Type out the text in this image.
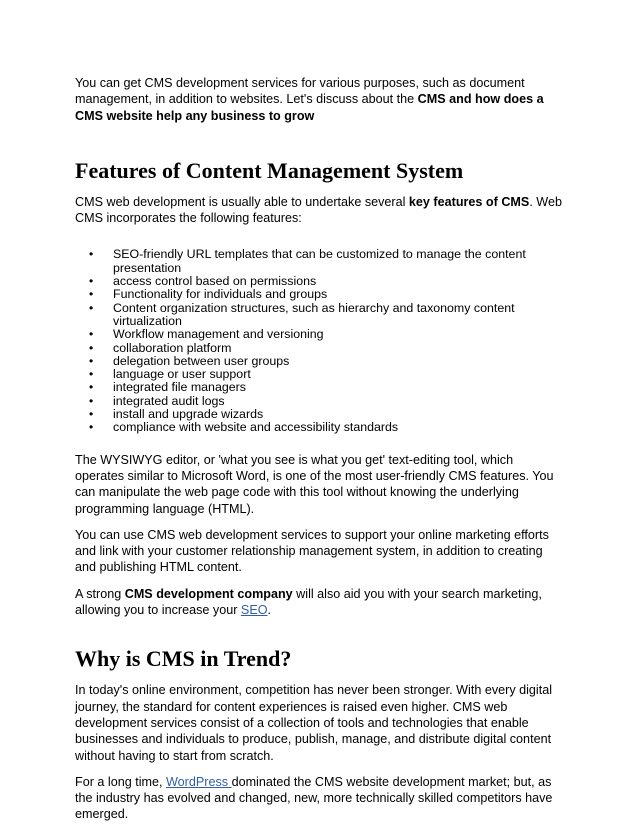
You can get CMS development services for various purposes, such as document management, in addition to websites. Let's discuss about the CMS and how does a CMS website help any business to grow

Features of Content Management System

CMS web development is usually able to undertake several key features of CMS. Web CMS incorporates the following features:

• SEO-friendly URL templates that can be customized to manage the content presentation
• access control based on permissions
• Functionality for individuals and groups
• Content organization structures, such as hierarchy and taxonomy content virtualization
• Workflow management and versioning
• collaboration platform
• delegation between user groups
• language or user support
• integrated file managers
• integrated audit logs
• install and upgrade wizards
• compliance with website and accessibility standards

The WYSIWYG editor, or 'what you see is what you get' text-editing tool, which operates similar to Microsoft Word, is one of the most user-friendly CMS features. You can manipulate the web page code with this tool without knowing the underlying programming language (HTML).

You can use CMS web development services to support your online marketing efforts and link with your customer relationship management system, in addition to creating and publishing HTML content.

A strong CMS development company will also aid you with your search marketing, allowing you to increase your SEO.

Why is CMS in Trend?

In today's online environment, competition has never been stronger. With every digital journey, the standard for content experiences is raised even higher. CMS web development services consist of a collection of tools and technologies that enable businesses and individuals to produce, publish, manage, and distribute digital content without having to start from scratch.

For a long time, WordPress dominated the CMS website development market; but, as the industry has evolved and changed, new, more technically skilled competitors have emerged.
